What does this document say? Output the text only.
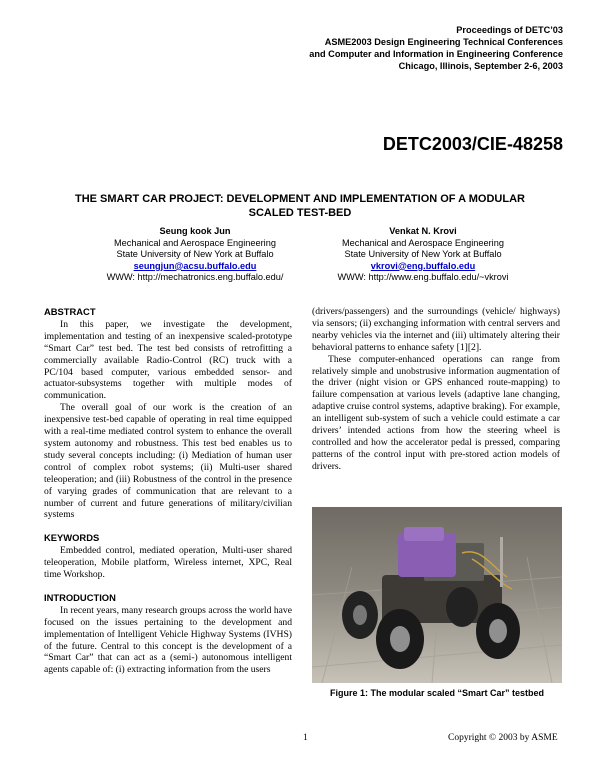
Proceedings of DETC’03
ASME2003 Design Engineering Technical Conferences
and Computer and Information in Engineering Conference
Chicago, Illinois, September 2-6, 2003
DETC2003/CIE-48258
THE SMART CAR PROJECT: DEVELOPMENT AND IMPLEMENTATION OF A MODULAR
SCALED TEST-BED
Seung kook Jun
Mechanical and Aerospace Engineering
State University of New York at Buffalo
seungjun@acsu.buffalo.edu
WWW: http://mechatronics.eng.buffalo.edu/
Venkat N. Krovi
Mechanical and Aerospace Engineering
State University of New York at Buffalo
vkrovi@eng.buffalo.edu
WWW: http://www.eng.buffalo.edu/~vkrovi
ABSTRACT

In this paper, we investigate the development, implementation and testing of an inexpensive scaled-prototype “Smart Car” test bed. The test bed consists of retrofitting a commercially available Radio-Control (RC) truck with a PC/104 based computer, various embedded sensor- and actuator-subsystems together with multiple modes of communication.

The overall goal of our work is the creation of an inexpensive test-bed capable of operating in real time equipped with a real-time mediated control system to enhance the overall system autonomy and robustness. This test bed enables us to study several concepts including: (i) Mediation of human user control of complex robot systems; (ii) Multi-user shared teleoperation; and (iii) Robustness of the control in the presence of varying grades of communication that are relevant to a number of current and future generations of military/civilian systems

KEYWORDS

Embedded control, mediated operation, Multi-user shared teleoperation, Mobile platform, Wireless internet, XPC, Real time Workshop.

INTRODUCTION

In recent years, many research groups across the world have focused on the issues pertaining to the development and implementation of Intelligent Vehicle Highway Systems (IVHS) of the future. Central to this concept is the development of a “Smart Car” that can act as a (semi-) autonomous intelligent agents capable of: (i) extracting information from the users

(drivers/passengers) and the surroundings (vehicle/ highways) via sensors; (ii) exchanging information with central servers and nearby vehicles via the internet and (iii) ultimately altering their behavioral patterns to enhance safety [1][2].

These computer-enhanced operations can range from relatively simple and unobstrusive information augmentation of the driver (night vision or GPS enhanced route-mapping) to failure compensation at various levels (adaptive lane changing, adaptive cruise control systems, adaptive braking). For example, an intelligent sub-system of such a vehicle could estimate a car drivers’ intended actions from how the steering wheel is controlled and how the accelerator pedal is pressed, comparing patterns of the control input with pre-stored action models of drivers.

Figure 1: The modular scaled “Smart Car” testbed
1	Copyright © 2003 by ASME
